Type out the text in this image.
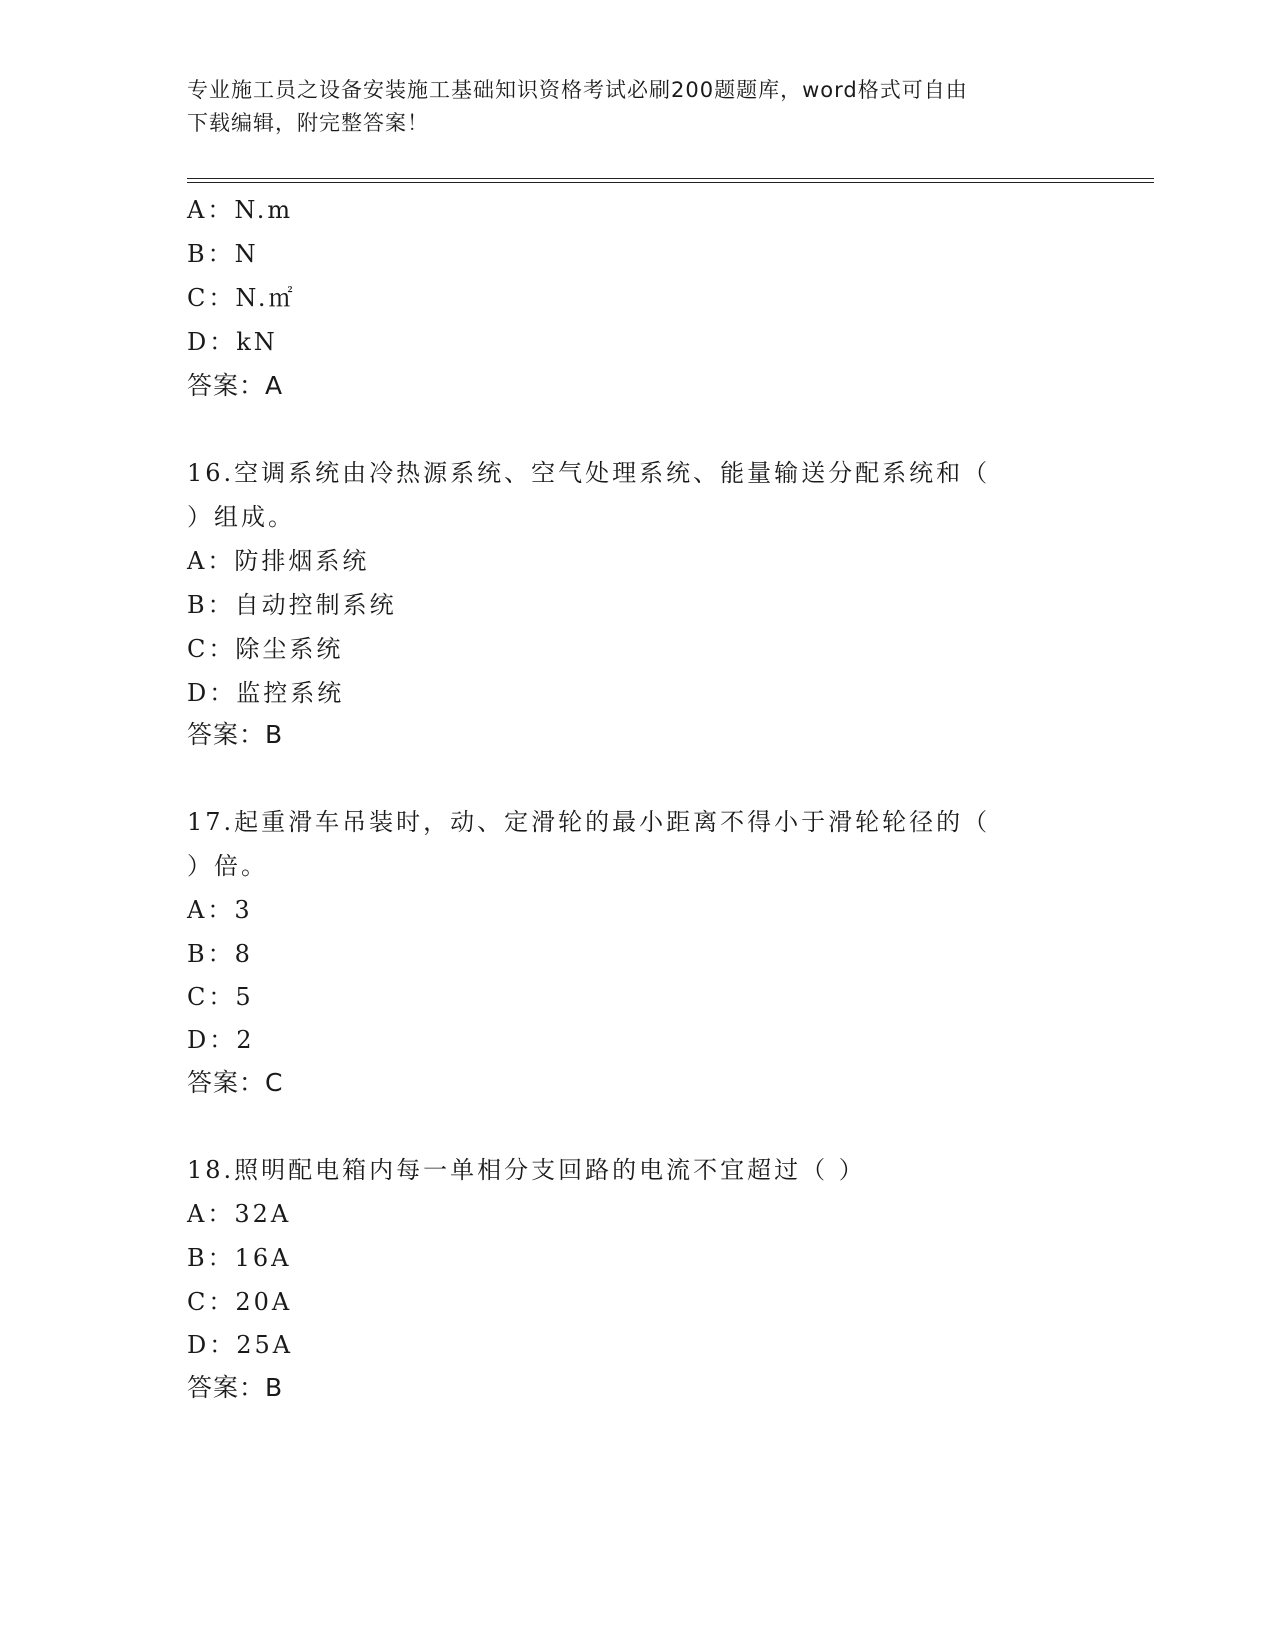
专业施工员之设备安装施工基础知识资格考试必刷200题题库，word格式可自由
下载编辑，附完整答案！
A：N.m
B：N
C：N.㎡
D：kN
答案：A
16.空调系统由冷热源系统、空气处理系统、能量输送分配系统和（
）组成。
A：防排烟系统
B：自动控制系统
C：除尘系统
D：监控系统
答案：B
17.起重滑车吊装时，动、定滑轮的最小距离不得小于滑轮轮径的（
）倍。
A：3
B：8
C：5
D：2
答案：C
18.照明配电箱内每一单相分支回路的电流不宜超过（ ）
A：32A
B：16A
C：20A
D：25A
答案：B
